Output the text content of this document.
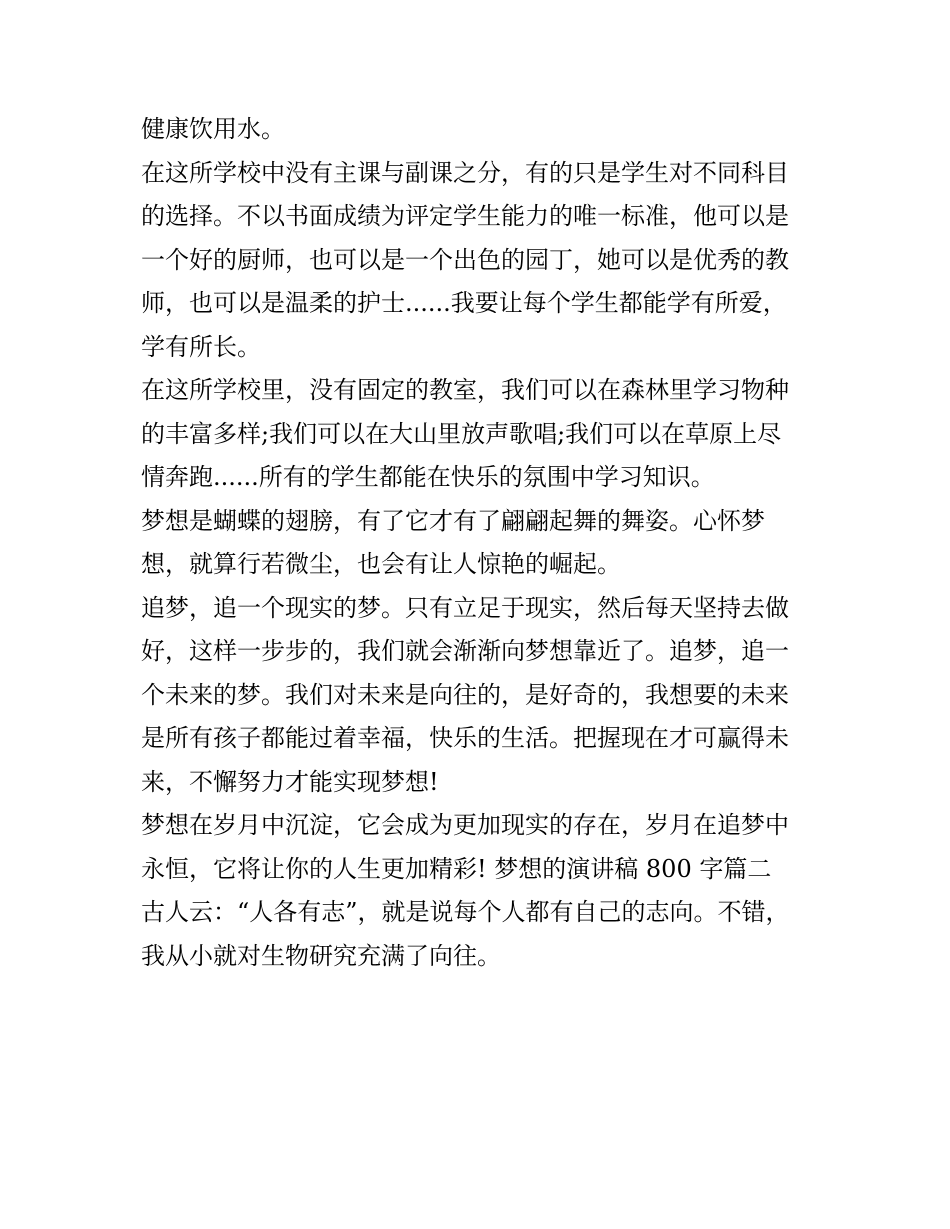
健康饮用水。
在这所学校中没有主课与副课之分，有的只是学生对不同科目
的选择。不以书面成绩为评定学生能力的唯一标准，他可以是
一个好的厨师，也可以是一个出色的园丁，她可以是优秀的教
师，也可以是温柔的护士......我要让每个学生都能学有所爱，
学有所长。
在这所学校里，没有固定的教室，我们可以在森林里学习物种
的丰富多样;我们可以在大山里放声歌唱;我们可以在草原上尽
情奔跑......所有的学生都能在快乐的氛围中学习知识。
梦想是蝴蝶的翅膀，有了它才有了翩翩起舞的舞姿。心怀梦
想，就算行若微尘，也会有让人惊艳的崛起。
追梦，追一个现实的梦。只有立足于现实，然后每天坚持去做
好，这样一步步的，我们就会渐渐向梦想靠近了。追梦，追一
个未来的梦。我们对未来是向往的，是好奇的，我想要的未来
是所有孩子都能过着幸福，快乐的生活。把握现在才可赢得未
来，不懈努力才能实现梦想!
梦想在岁月中沉淀，它会成为更加现实的存在，岁月在追梦中
永恒，它将让你的人生更加精彩! 梦想的演讲稿 800 字篇二
古人云：“人各有志”，就是说每个人都有自己的志向。不错，
我从小就对生物研究充满了向往。
